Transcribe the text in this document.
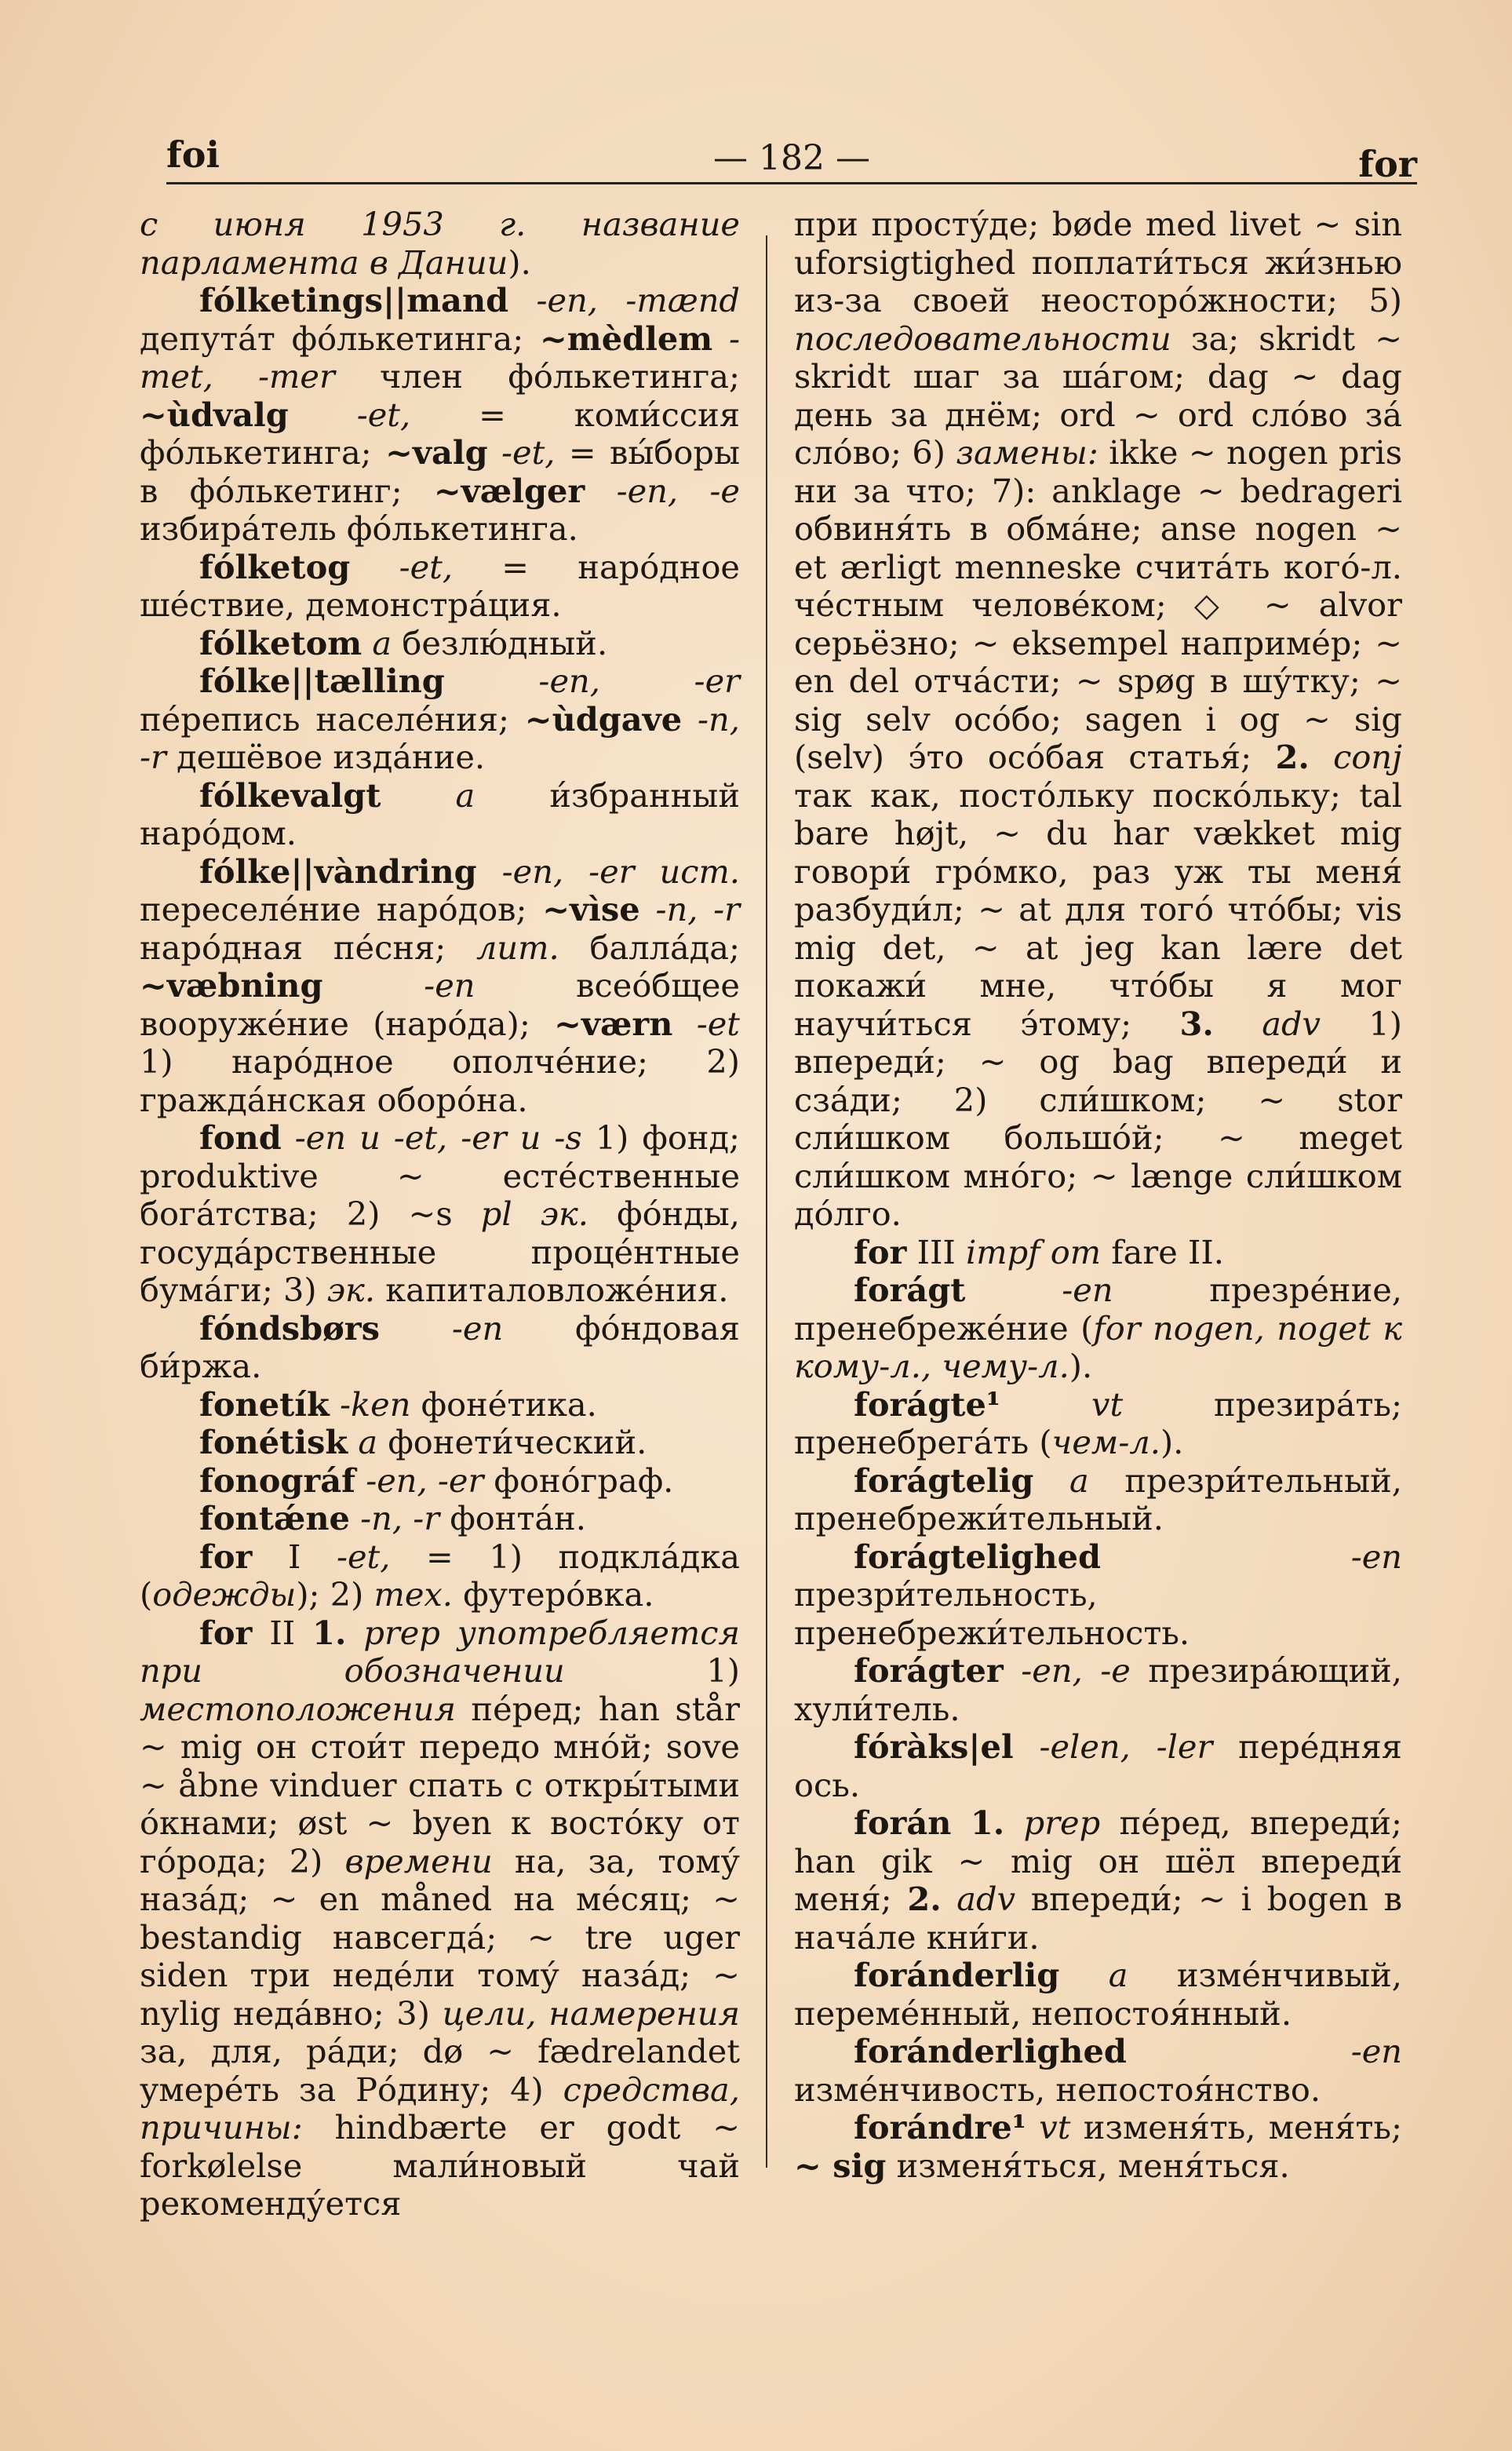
foi	— 182 —	for

с июня 1953 г. название парламента в Дании).

fólketings||mand -en, -mænd депута́т фо́лькетинга; ~mèdlem -met, -mer член фо́лькетинга; ~ùdvalg -et, = коми́ссия фо́лькетинга; ~valg -et, = вы́боры в фо́лькетинг; ~vælger -en, -e избира́тель фо́лькетинга.

fólketog -et, = наро́дное ше́ствие, демонстра́ция.

fólketom a безлю́дный.

fólke||tælling	-en, -er пе́репись населе́ния; ~ùdgave -n, -r дешёвое изда́ние.

fólkevalgt a и́збранный наро́дом.

fólke||vàndring -en, -er ист. переселе́ние наро́дов; ~vìse -n, -r наро́дная пе́сня; лит. балла́да; ~væbning	-en всео́бщее вооруже́ние (наро́да); ~værn -et 1) наро́дное ополче́ние; 2) гражда́нская оборо́на.

fond -en u -et, -er u -s 1) фонд; produktive ~ есте́ственные бога́тства; 2) ~s pl эк. фо́нды, госуда́рственные проце́нтные бума́ги; 3) эк. капиталовложе́ния.

fóndsbørs -en фо́ндовая би́ржа.

fonetík -ken фоне́тика.

fonétisk a фонети́ческий.

fonográf -en, -er фоно́граф.

fontǽne -n, -r фонта́н.

for I -et, = 1) подкла́дка (одежды); 2) тех. футеро́вка.

for II 1. prep употребляется при обозначении 1) местоположения пе́ред; han står ~ mig он стои́т передо мно́й; sove ~ åbne vinduer спать с откры́тыми о́кнами; øst ~ byen к восто́ку от го́рода; 2) времени на, за, тому́ наза́д; ~ en måned на ме́сяц; ~ bestandig навсегда́; ~ tre uger siden три неде́ли тому́ наза́д; ~ nylig неда́вно; 3) цели, намерения за, для, ра́ди; dø ~ fædrelandet умере́ть за Ро́дину; 4) средства, причины: hindbærte er godt ~ forkølelse мали́новый чай рекоменду́ется

при просту́де; bøde med livet ~ sin uforsigtighed поплати́ться жи́знью из-за своей неосторо́жности; 5) последовательности за; skridt ~ skridt шаг за ша́гом; dag ~ dag день за днём; ord ~ ord сло́во за́ сло́во; 6) замены: ikke ~ nogen pris ни за что; 7): anklage ~ bedrageri обвиня́ть в обма́не; anse nogen ~ et ærligt menneske счита́ть кого́-л. че́стным челове́ком; ◇ ~ alvor серьёзно; ~ eksempel наприме́р; ~ en del отча́сти; ~ spøg в шу́тку; ~ sig selv осо́бо; sagen i og ~ sig (selv) э́то осо́бая статья́; 2. conj так как, посто́льку поско́льку; tal bare højt, ~ du har vækket mig говори́ гро́мко, раз уж ты меня́ разбуди́л; ~ at для того́ что́бы; vis mig det, ~ at jeg kan lære det покажи́ мне, что́бы я мог научи́ться э́тому; 3. adv 1) впереди́; ~ og bag впереди́ и сза́ди; 2) сли́шком; ~ stor сли́шком большо́й; ~ meget сли́шком мно́го; ~ længe сли́шком до́лго.

for III impf om fare II.

forágt	-en презре́ние, пренебреже́ние (for nogen, noget к кому-л., чему-л.).

forágte¹	vt презира́ть; пренебрега́ть (чем-л.).

forágtelig a презри́тельный, пренебрежи́тельный.

forágtelighed	-en презри́тельность, пренебрежи́тельность.

forágter -en, -e презира́ющий, хули́тель.

fóràks|el -elen, -ler пере́дняя ось.

forán 1. prep пе́ред, впереди́; han gik ~ mig он шёл впереди́ меня́; 2. adv впереди́; ~ i bogen в нача́ле кни́ги.

foránderlig a изме́нчивый, переме́нный, непостоя́нный.

foránderlighed	-en изме́нчивость, непостоя́нство.

forándre¹ vt изменя́ть, меня́ть; ~ sig изменя́ться, меня́ться.
